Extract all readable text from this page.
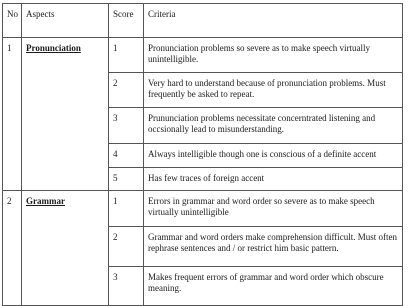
No	Aspects	Score	Criteria
1	Pronunciation	1	Pronunciation problems so severe as to make speech virtually unintelligible.
		2	Very hard to understand because of pronunciation problems. Must frequently be asked to repeat.
		3	Prununciation problems necessitate concerntrated listening and occsionally lead to misunderstanding.
		4	Always intelligible though one is conscious of a definite accent
		5	Has few traces of foreign accent
2	Grammar	1	Errors in grammar and word order so severe as to make speech virtually unintelligible
		2	Grammar and word orders make comprehension difficult. Must often rephrase sentences and / or restrict him basic pattern.
		3	Makes frequent errors of grammar and word order which obscure meaning.
